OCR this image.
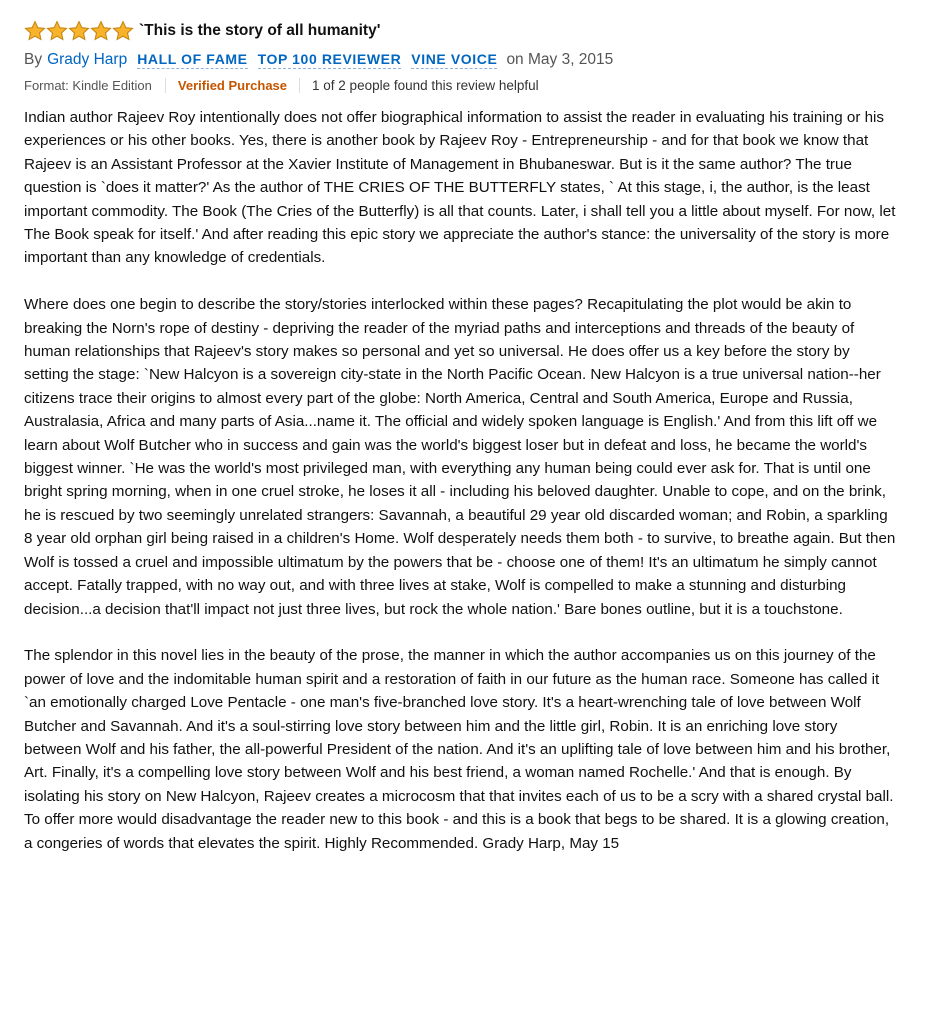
`This is the story of all humanity'
By Grady Harp HALL OF FAME TOP 100 REVIEWER VINE VOICE on May 3, 2015
Format: Kindle Edition	Verified Purchase	1 of 2 people found this review helpful

Indian author Rajeev Roy intentionally does not offer biographical information to assist the reader in evaluating his training or his experiences or his other books. Yes, there is another book by Rajeev Roy - Entrepreneurship - and for that book we know that Rajeev is an Assistant Professor at the Xavier Institute of Management in Bhubaneswar. But is it the same author? The true question is `does it matter?' As the author of THE CRIES OF THE BUTTERFLY states, ` At this stage, i, the author, is the least important commodity. The Book (The Cries of the Butterfly) is all that counts. Later, i shall tell you a little about myself. For now, let The Book speak for itself.' And after reading this epic story we appreciate the author's stance: the universality of the story is more important than any knowledge of credentials.

Where does one begin to describe the story/stories interlocked within these pages? Recapitulating the plot would be akin to breaking the Norn's rope of destiny - depriving the reader of the myriad paths and interceptions and threads of the beauty of human relationships that Rajeev's story makes so personal and yet so universal. He does offer us a key before the story by setting the stage: `New Halcyon is a sovereign city-state in the North Pacific Ocean. New Halcyon is a true universal nation--her citizens trace their origins to almost every part of the globe: North America, Central and South America, Europe and Russia, Australasia, Africa and many parts of Asia...name it. The official and widely spoken language is English.' And from this lift off we learn about Wolf Butcher who in success and gain was the world's biggest loser but in defeat and loss, he became the world's biggest winner. `He was the world's most privileged man, with everything any human being could ever ask for. That is until one bright spring morning, when in one cruel stroke, he loses it all - including his beloved daughter. Unable to cope, and on the brink, he is rescued by two seemingly unrelated strangers: Savannah, a beautiful 29 year old discarded woman; and Robin, a sparkling 8 year old orphan girl being raised in a children's Home. Wolf desperately needs them both - to survive, to breathe again. But then Wolf is tossed a cruel and impossible ultimatum by the powers that be - choose one of them! It's an ultimatum he simply cannot accept. Fatally trapped, with no way out, and with three lives at stake, Wolf is compelled to make a stunning and disturbing decision...a decision that'll impact not just three lives, but rock the whole nation.' Bare bones outline, but it is a touchstone.

The splendor in this novel lies in the beauty of the prose, the manner in which the author accompanies us on this journey of the power of love and the indomitable human spirit and a restoration of faith in our future as the human race. Someone has called it `an emotionally charged Love Pentacle - one man's five-branched love story. It's a heart-wrenching tale of love between Wolf Butcher and Savannah. And it's a soul-stirring love story between him and the little girl, Robin. It is an enriching love story between Wolf and his father, the all-powerful President of the nation. And it's an uplifting tale of love between him and his brother, Art. Finally, it's a compelling love story between Wolf and his best friend, a woman named Rochelle.' And that is enough. By isolating his story on New Halcyon, Rajeev creates a microcosm that that invites each of us to be a scry with a shared crystal ball. To offer more would disadvantage the reader new to this book - and this is a book that begs to be shared. It is a glowing creation, a congeries of words that elevates the spirit. Highly Recommended. Grady Harp, May 15
